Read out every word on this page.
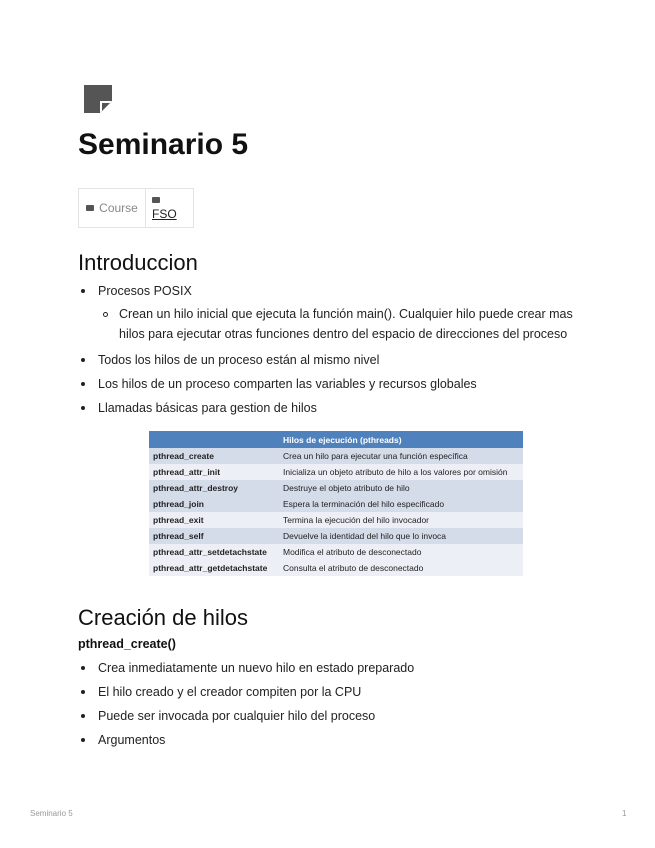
Seminario 5
Course FSO
Introduccion
Procesos POSIX
Crean un hilo inicial que ejecuta la función main(). Cualquier hilo puede crear mas hilos para ejecutar otras funciones dentro del espacio de direcciones del proceso
Todos los hilos de un proceso están al mismo nivel
Los hilos de un proceso comparten las variables y recursos globales
Llamadas básicas para gestion de hilos
	Hilos de ejecución (pthreads)
pthread_create	Crea un hilo para ejecutar una función específica
pthread_attr_init	Inicializa un objeto atributo de hilo a los valores por omisión
pthread_attr_destroy	Destruye el objeto atributo de hilo
pthread_join	Espera la terminación del hilo especificado
pthread_exit	Termina la ejecución del hilo invocador
pthread_self	Devuelve la identidad del hilo que lo invoca
pthread_attr_setdetachstate	Modifica el atributo de desconectado
pthread_attr_getdetachstate	Consulta el atributo de desconectado
Creación de hilos
pthread_create()
Crea inmediatamente un nuevo hilo en estado preparado
El hilo creado y el creador compiten por la CPU
Puede ser invocada por cualquier hilo del proceso
Argumentos
Seminario 5	1
